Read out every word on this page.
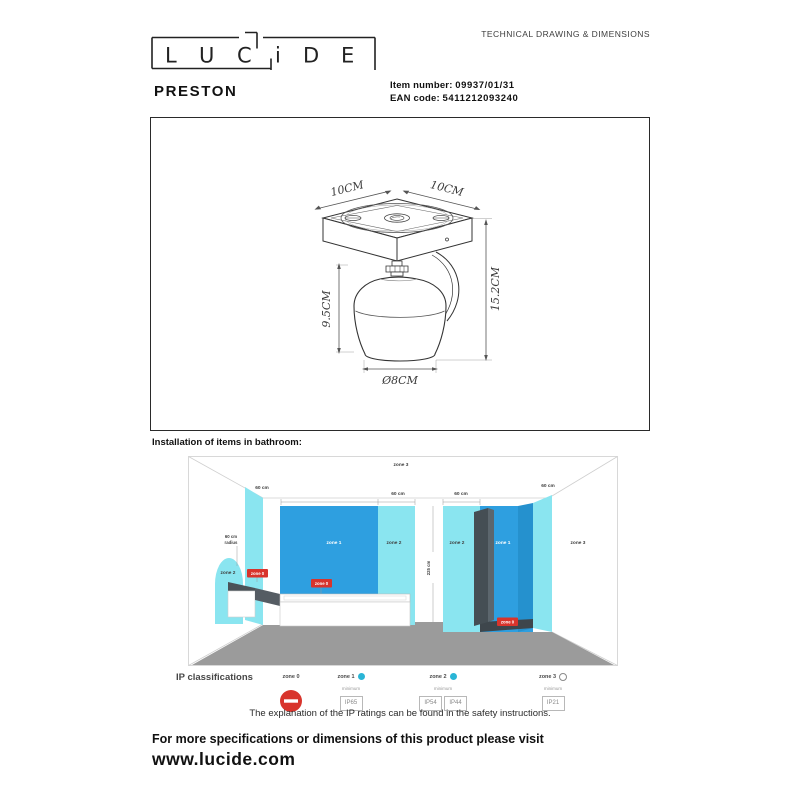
L U C i D E
TECHNICAL DRAWING & DIMENSIONS
PRESTON	Item number: 09937/01/31
EAN code: 5411212093240
10CM	10CM
9.5CM	15.2CM
Ø8CM
Installation of items in bathroom:
zone 3
60 cm
60 cm	60 cm
60 cm
zone 1	zone 2	zone 2	zone 1	zone 3
zone 2
60 cm
radius
225 cm
zone 0
zone 0
zone 0
IP classifications	zone 0	zone 1
minimum
IP65
zone 2
minimum
IP54 IP44
zone 3
minimum
IP21
The explanation of the IP ratings can be found in the safety instructions.
For more specifications or dimensions of this product please visit
www.lucide.com
